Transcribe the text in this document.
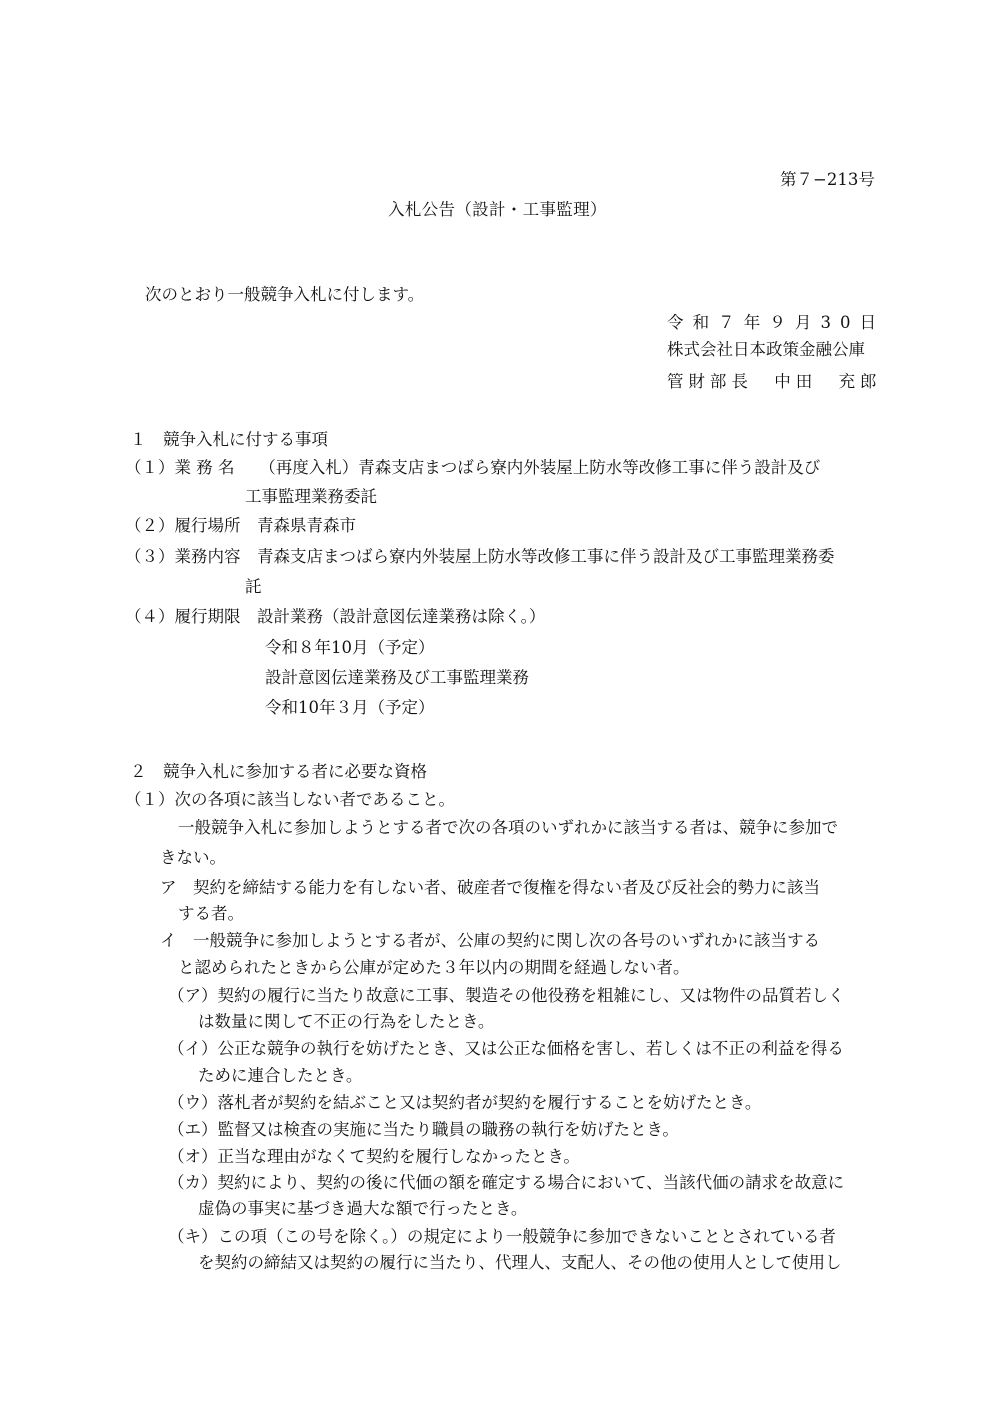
第７−213号
入札公告（設計・工事監理）
次のとおり一般競争入札に付します。
令和７年９月30日
株式会社日本政策金融公庫
管財部長　中田　充郎
１　競争入札に付する事項
（１）業 務 名　　（再度入札）青森支店まつばら寮内外装屋上防水等改修工事に伴う設計及び
工事監理業務委託
（２）履行場所　青森県青森市
（３）業務内容　青森支店まつばら寮内外装屋上防水等改修工事に伴う設計及び工事監理業務委
託
（４）履行期限　設計業務（設計意図伝達業務は除く。）
令和８年10月（予定）
設計意図伝達業務及び工事監理業務
令和10年３月（予定）
２　競争入札に参加する者に必要な資格
（１）次の各項に該当しない者であること。
一般競争入札に参加しようとする者で次の各項のいずれかに該当する者は、競争に参加で
きない。
ア　契約を締結する能力を有しない者、破産者で復権を得ない者及び反社会的勢力に該当
する者。
イ　一般競争に参加しようとする者が、公庫の契約に関し次の各号のいずれかに該当する
と認められたときから公庫が定めた３年以内の期間を経過しない者。
（ア）契約の履行に当たり故意に工事、製造その他役務を粗雑にし、又は物件の品質若しく
は数量に関して不正の行為をしたとき。
（イ）公正な競争の執行を妨げたとき、又は公正な価格を害し、若しくは不正の利益を得る
ために連合したとき。
（ウ）落札者が契約を結ぶこと又は契約者が契約を履行することを妨げたとき。
（エ）監督又は検査の実施に当たり職員の職務の執行を妨げたとき。
（オ）正当な理由がなくて契約を履行しなかったとき。
（カ）契約により、契約の後に代価の額を確定する場合において、当該代価の請求を故意に
虚偽の事実に基づき過大な額で行ったとき。
（キ）この項（この号を除く。）の規定により一般競争に参加できないこととされている者
を契約の締結又は契約の履行に当たり、代理人、支配人、その他の使用人として使用し
